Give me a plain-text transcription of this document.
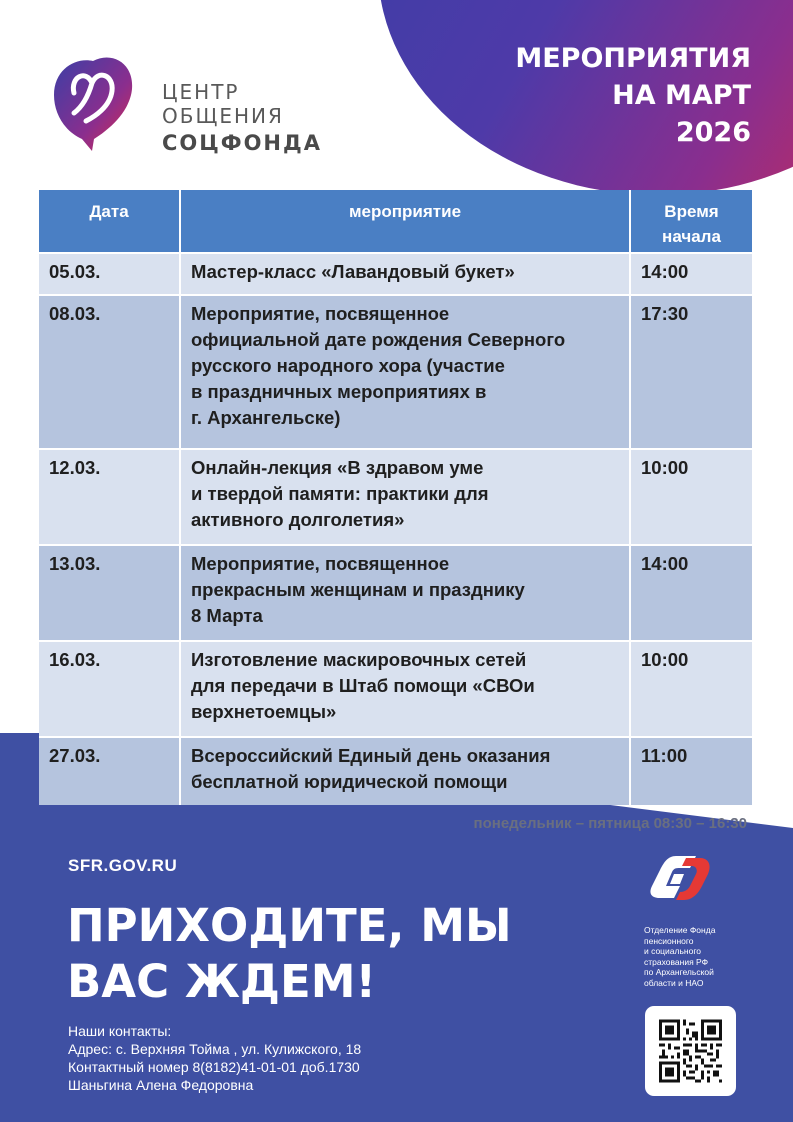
МЕРОПРИЯТИЯ
НА МАРТ
2026
ЦЕНТР
ОБЩЕНИЯ
СОЦФОНДА
понедельник – пятница 08:30 – 16:30
SFR.GOV.RU
ПРИХОДИТЕ, МЫ
ВАС ЖДЕМ!
Наши контакты:
Адрес: с. Верхняя Тойма , ул. Кулижского, 18
Контактный номер 8(8182)41-01-01 доб.1730
Шаньгина Алена Федоровна
Отделение Фонда
пенсионного
и социального
страхования РФ
по Архангельской
области и НАО
Дата	мероприятие	Время
начала

05.03.	Мастер-класс «Лавандовый букет»	14:00
08.03.	Мероприятие, посвященное
официальной дате рождения Северного
русского народного хора (участие
в праздничных мероприятиях в
г. Архангельске)	17:30
12.03.	Онлайн-лекция «В здравом уме
и твердой памяти: практики для
активного долголетия»	10:00
13.03.	Мероприятие, посвященное
прекрасным женщинам и празднику
8 Марта	14:00
16.03.	Изготовление маскировочных сетей
для передачи в Штаб помощи «СВОи
верхнетоемцы»	10:00
27.03.	Всероссийский Единый день оказания
бесплатной юридической помощи	11:00
